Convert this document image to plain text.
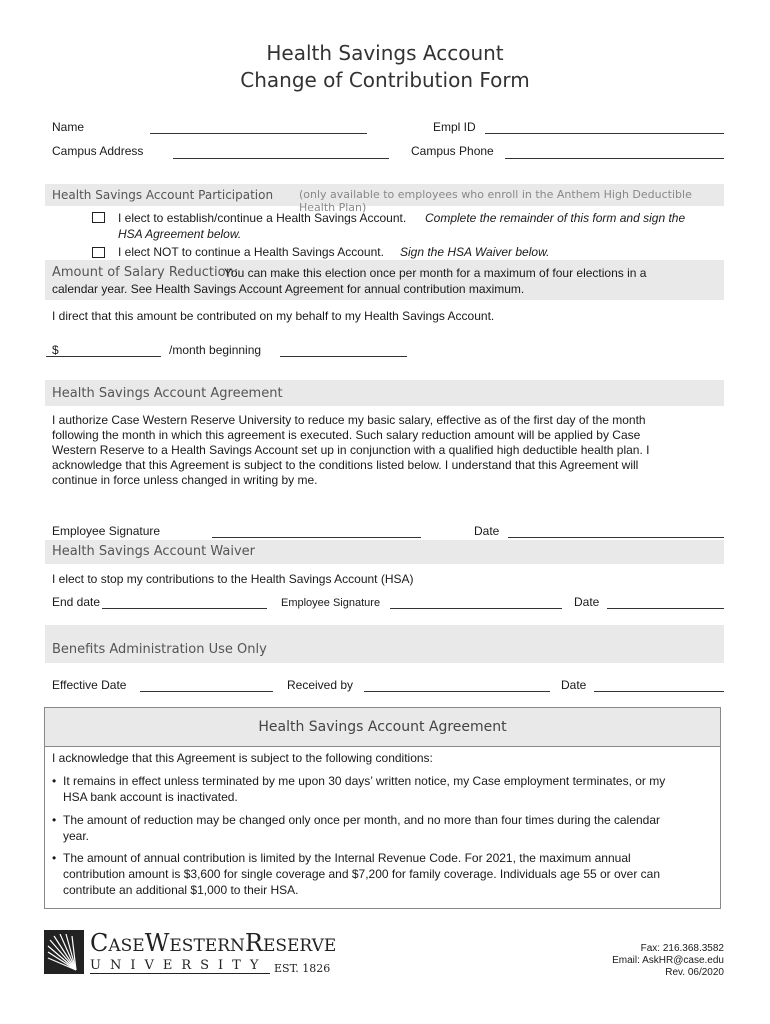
Health Savings Account
Change of Contribution Form
Name	Empl ID
Campus Address	Campus Phone
Health Savings Account Participation (only available to employees who enroll in the Anthem High Deductible Health Plan)
I elect to establish/continue a Health Savings Account. Complete the remainder of this form and sign the
HSA Agreement below.
I elect NOT to continue a Health Savings Account. Sign the HSA Waiver below.
Amount of Salary Reduction:
You can make this election once per month for a maximum of four elections in a
calendar year. See Health Savings Account Agreement for annual contribution maximum.
I direct that this amount be contributed on my behalf to my Health Savings Account.
$	/month beginning
Health Savings Account Agreement
I authorize Case Western Reserve University to reduce my basic salary, effective as of the first day of the month
following the month in which this agreement is executed. Such salary reduction amount will be applied by Case
Western Reserve to a Health Savings Account set up in conjunction with a qualified high deductible health plan. I
acknowledge that this Agreement is subject to the conditions listed below. I understand that this Agreement will
continue in force unless changed in writing by me.
Employee Signature	Date
Health Savings Account Waiver
I elect to stop my contributions to the Health Savings Account (HSA)
End date	Employee Signature	Date
Benefits Administration Use Only
Effective Date	Received by	Date
Health Savings Account Agreement
I acknowledge that this Agreement is subject to the following conditions:
• It remains in effect unless terminated by me upon 30 days’ written notice, my Case employment terminates, or my
HSA bank account is inactivated.
• The amount of reduction may be changed only once per month, and no more than four times during the calendar
year.
• The amount of annual contribution is limited by the Internal Revenue Code. For 2021, the maximum annual
contribution amount is $3,600 for single coverage and $7,200 for family coverage. Individuals age 55 or over can
contribute an additional $1,000 to their HSA.
CASEWESTERNRESERVE
UNIVERSITY EST. 1826
Fax: 216.368.3582
Email: AskHR@case.edu
Rev. 06/2020
